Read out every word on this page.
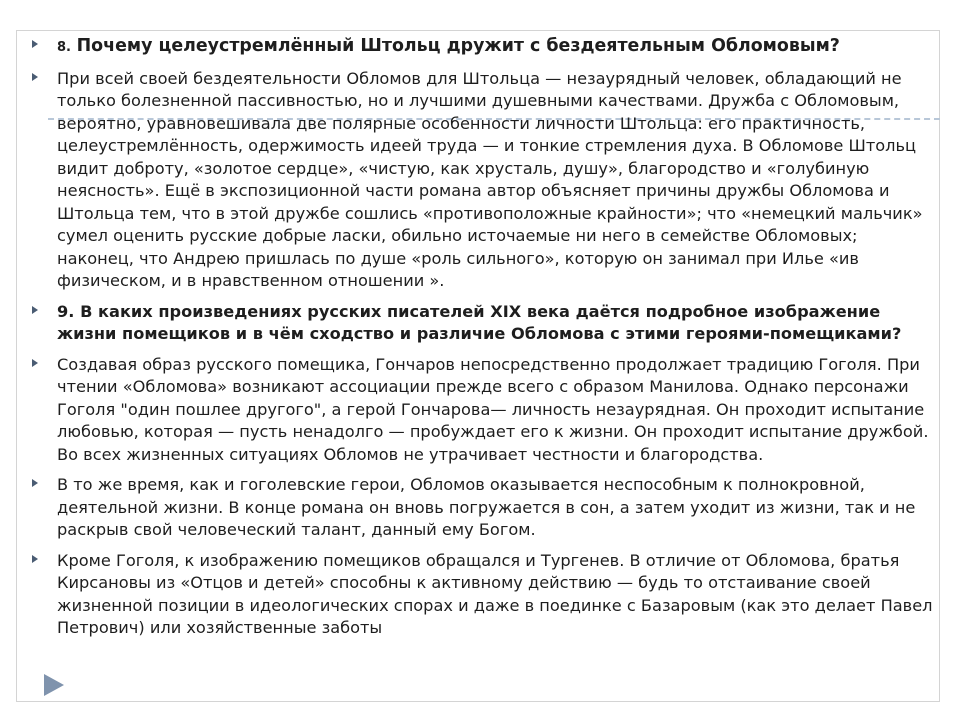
8. Почему целеустремлённый Штольц дружит с бездеятельным Обломовым?
При всей своей бездеятельности Обломов для Штольца — незаурядный человек, обладающий не только болезненной пассивностью, но и лучшими душевными качествами. Дружба с Обломовым, вероятно, уравновешивала две полярные особенности личности Штольца: его практичность, целеустремлённость, одержимость идеей труда — и тонкие стремления духа. В Обломове Штольц видит доброту, «золотое сердце», «чистую, как хрусталь, душу», благородство и «голубиную неясность». Ещё в экспозиционной части романа автор объясняет причины дружбы Обломова и Штольца тем, что в этой дружбе сошлись «противоположные крайности»; что «немецкий мальчик» сумел оценить русские добрые ласки, обильно источаемые ни него в семействе Обломовых; наконец, что Андрею пришлась по душе «роль сильного», которую он занимал при Илье «ив физическом, и в нравственном отношении ».
9. В каких произведениях русских писателей XIX века даётся подробное изображение жизни помещиков и в чём сходство и различие Обломова с этими героями-помещиками?
Создавая образ русского помещика, Гончаров непосредственно продолжает традицию Гоголя. При чтении «Обломова» возникают ассоциации прежде всего с образом Манилова. Однако персонажи Гоголя "один пошлее другого", а герой Гончарова— личность незаурядная. Он проходит испытание любовью, которая — пусть ненадолго — пробуждает его к жизни. Он проходит испытание дружбой. Во всех жизненных ситуациях Обломов не утрачивает честности и благородства.
В то же время, как и гоголевские герои, Обломов оказывается неспособным к полнокровной, деятельной жизни. В конце романа он вновь погружается в сон, а затем уходит из жизни, так и не раскрыв свой человеческий талант, данный ему Богом.
Кроме Гоголя, к изображению помещиков обращался и Тургенев. В отличие от Обломова, братья Кирсановы из «Отцов и детей» способны к активному действию — будь то отстаивание своей жизненной позиции в идеологических спорах и даже в поединке с Базаровым (как это делает Павел Петрович) или хозяйственные заботы
